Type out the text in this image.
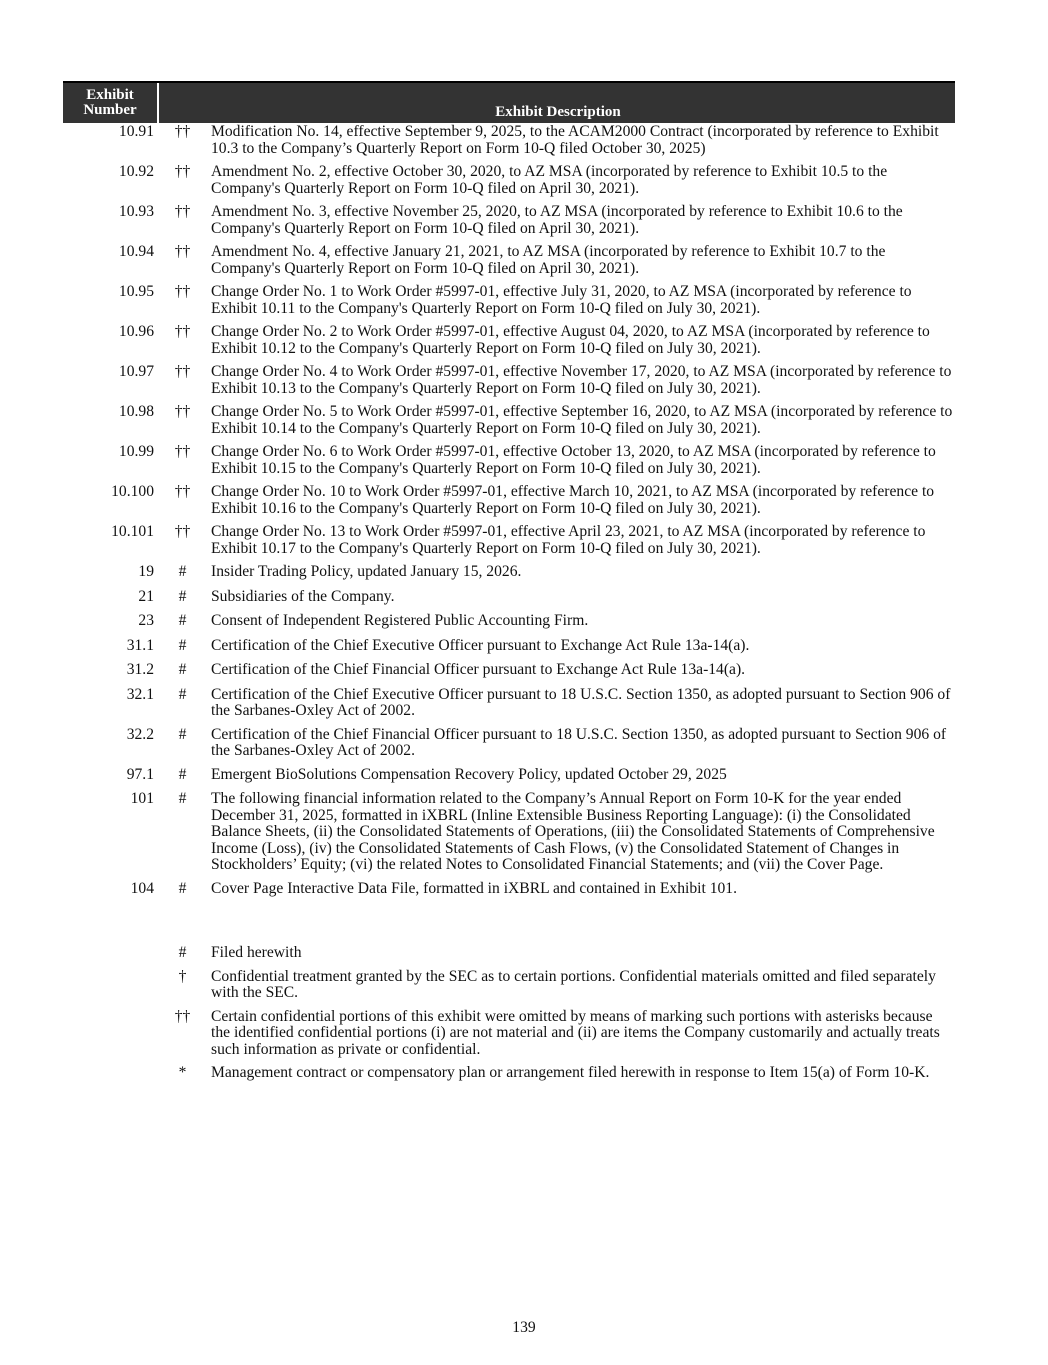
Exhibit
Number	Exhibit Description
10.91	††	Modification No. 14, effective September 9, 2025, to the ACAM2000 Contract (incorporated by reference to Exhibit 10.3 to the Company’s Quarterly Report on Form 10-Q filed October 30, 2025)
10.92	††	Amendment No. 2, effective October 30, 2020, to AZ MSA (incorporated by reference to Exhibit 10.5 to the Company's Quarterly Report on Form 10-Q filed on April 30, 2021).
10.93	††	Amendment No. 3, effective November 25, 2020, to AZ MSA (incorporated by reference to Exhibit 10.6 to the Company's Quarterly Report on Form 10-Q filed on April 30, 2021).
10.94	††	Amendment No. 4, effective January 21, 2021, to AZ MSA (incorporated by reference to Exhibit 10.7 to the Company's Quarterly Report on Form 10-Q filed on April 30, 2021).
10.95	††	Change Order No. 1 to Work Order #5997-01, effective July 31, 2020, to AZ MSA (incorporated by reference to Exhibit 10.11 to the Company's Quarterly Report on Form 10-Q filed on July 30, 2021).
10.96	††	Change Order No. 2 to Work Order #5997-01, effective August 04, 2020, to AZ MSA (incorporated by reference to Exhibit 10.12 to the Company's Quarterly Report on Form 10-Q filed on July 30, 2021).
10.97	††	Change Order No. 4 to Work Order #5997-01, effective November 17, 2020, to AZ MSA (incorporated by reference to Exhibit 10.13 to the Company's Quarterly Report on Form 10-Q filed on July 30, 2021).
10.98	††	Change Order No. 5 to Work Order #5997-01, effective September 16, 2020, to AZ MSA (incorporated by reference to Exhibit 10.14 to the Company's Quarterly Report on Form 10-Q filed on July 30, 2021).
10.99	††	Change Order No. 6 to Work Order #5997-01, effective October 13, 2020, to AZ MSA (incorporated by reference to Exhibit 10.15 to the Company's Quarterly Report on Form 10-Q filed on July 30, 2021).
10.100	††	Change Order No. 10 to Work Order #5997-01, effective March 10, 2021, to AZ MSA (incorporated by reference to Exhibit 10.16 to the Company's Quarterly Report on Form 10-Q filed on July 30, 2021).
10.101	††	Change Order No. 13 to Work Order #5997-01, effective April 23, 2021, to AZ MSA (incorporated by reference to Exhibit 10.17 to the Company's Quarterly Report on Form 10-Q filed on July 30, 2021).
19	#	Insider Trading Policy, updated January 15, 2026.
21	#	Subsidiaries of the Company.
23	#	Consent of Independent Registered Public Accounting Firm.
31.1	#	Certification of the Chief Executive Officer pursuant to Exchange Act Rule 13a-14(a).
31.2	#	Certification of the Chief Financial Officer pursuant to Exchange Act Rule 13a-14(a).
32.1	#	Certification of the Chief Executive Officer pursuant to 18 U.S.C. Section 1350, as adopted pursuant to Section 906 of the Sarbanes-Oxley Act of 2002.
32.2	#	Certification of the Chief Financial Officer pursuant to 18 U.S.C. Section 1350, as adopted pursuant to Section 906 of the Sarbanes-Oxley Act of 2002.
97.1	#	Emergent BioSolutions Compensation Recovery Policy, updated October 29, 2025
101	#	The following financial information related to the Company’s Annual Report on Form 10-K for the year ended December 31, 2025, formatted in iXBRL (Inline Extensible Business Reporting Language): (i) the Consolidated Balance Sheets, (ii) the Consolidated Statements of Operations, (iii) the Consolidated Statements of Comprehensive Income (Loss), (iv) the Consolidated Statements of Cash Flows, (v) the Consolidated Statement of Changes in Stockholders’ Equity; (vi) the related Notes to Consolidated Financial Statements; and (vii) the Cover Page.
104	#	Cover Page Interactive Data File, formatted in iXBRL and contained in Exhibit 101.
#	Filed herewith
†	Confidential treatment granted by the SEC as to certain portions. Confidential materials omitted and filed separately with the SEC.
††	Certain confidential portions of this exhibit were omitted by means of marking such portions with asterisks because the identified confidential portions (i) are not material and (ii) are items the Company customarily and actually treats such information as private or confidential.
*	Management contract or compensatory plan or arrangement filed herewith in response to Item 15(a) of Form 10-K.
139
